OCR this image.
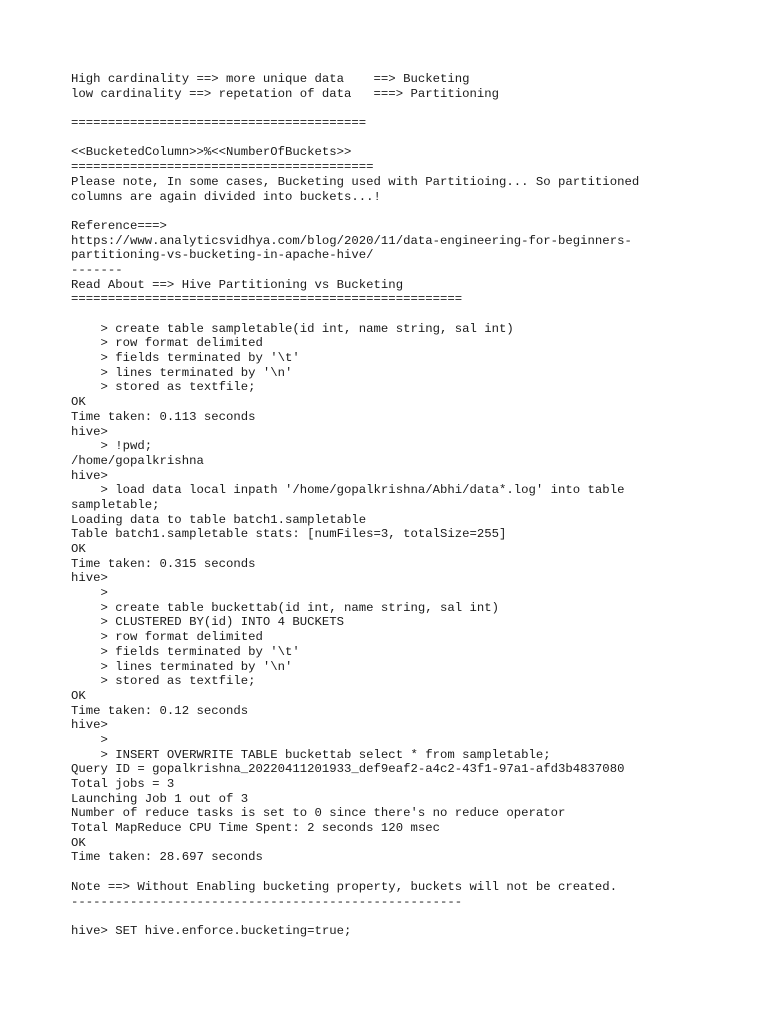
High cardinality ==> more unique data    ==> Bucketing
low cardinality ==> repetation of data   ===> Partitioning
========================================
<<BucketedColumn>>%<<NumberOfBuckets>>
=========================================
Please note, In some cases, Bucketing used with Partitioing... So partitioned
columns are again divided into buckets...!
Reference===>
https://www.analyticsvidhya.com/blog/2020/11/data-engineering-for-beginners-
partitioning-vs-bucketing-in-apache-hive/
-------
Read About ==> Hive Partitioning vs Bucketing
=====================================================
> create table sampletable(id int, name string, sal int)
> row format delimited
> fields terminated by '\t'
> lines terminated by '\n'
> stored as textfile;
OK
Time taken: 0.113 seconds
hive>
> !pwd;
/home/gopalkrishna
hive>
> load data local inpath '/home/gopalkrishna/Abhi/data*.log' into table
sampletable;
Loading data to table batch1.sampletable
Table batch1.sampletable stats: [numFiles=3, totalSize=255]
OK
Time taken: 0.315 seconds
hive>
>
> create table buckettab(id int, name string, sal int)
> CLUSTERED BY(id) INTO 4 BUCKETS
> row format delimited
> fields terminated by '\t'
> lines terminated by '\n'
> stored as textfile;
OK
Time taken: 0.12 seconds
hive>
>
> INSERT OVERWRITE TABLE buckettab select * from sampletable;
Query ID = gopalkrishna_20220411201933_def9eaf2-a4c2-43f1-97a1-afd3b4837080
Total jobs = 3
Launching Job 1 out of 3
Number of reduce tasks is set to 0 since there's no reduce operator
Total MapReduce CPU Time Spent: 2 seconds 120 msec
OK
Time taken: 28.697 seconds
Note ==> Without Enabling bucketing property, buckets will not be created.
-----------------------------------------------------
hive> SET hive.enforce.bucketing=true;
